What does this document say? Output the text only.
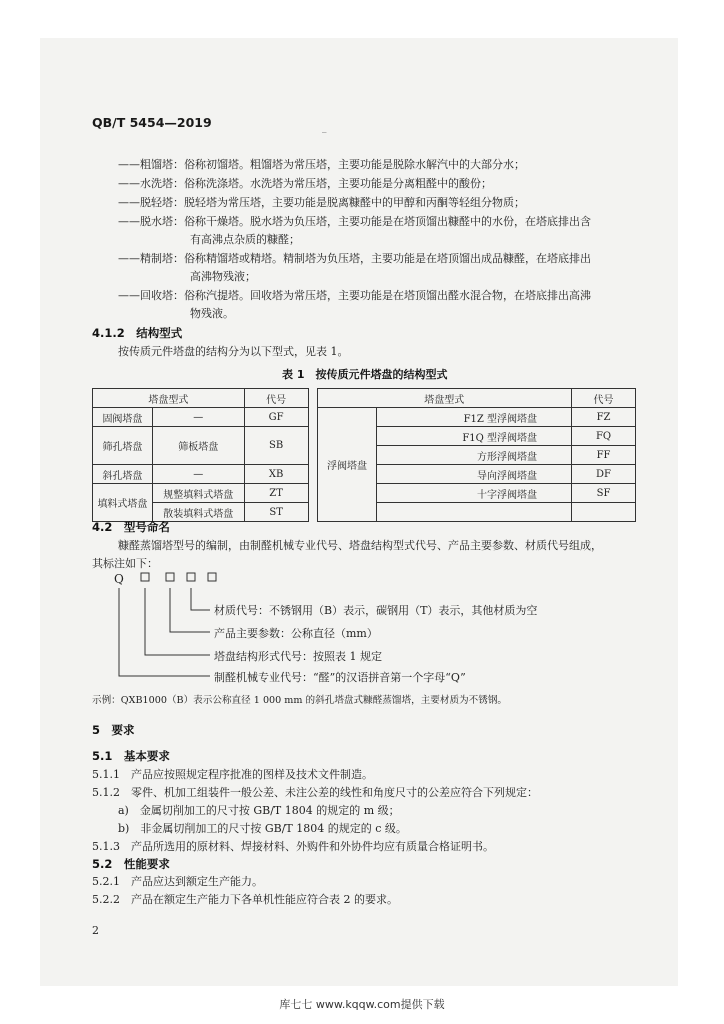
QB/T 5454—2019
‾
——粗馏塔：俗称初馏塔。粗馏塔为常压塔，主要功能是脱除水解汽中的大部分水；
——水洗塔：俗称洗涤塔。水洗塔为常压塔，主要功能是分离粗醛中的酸份；
——脱轻塔：脱轻塔为常压塔，主要功能是脱离糠醛中的甲醇和丙酮等轻组分物质；
——脱水塔：俗称干燥塔。脱水塔为负压塔，主要功能是在塔顶馏出糠醛中的水份，在塔底排出含
有高沸点杂质的糠醛；
——精制塔：俗称精馏塔或精塔。精制塔为负压塔，主要功能是在塔顶馏出成品糠醛，在塔底排出
高沸物残液；
——回收塔：俗称汽提塔。回收塔为常压塔，主要功能是在塔顶馏出醛水混合物，在塔底排出高沸
物残液。
4.1.2　结构型式
按传质元件塔盘的结构分为以下型式，见表 1。
表 1　按传质元件塔盘的结构型式
塔盘型式		代号		塔盘型式		代号
固阀塔盘	—	GF		浮阀塔盘	F1Z 型浮阀塔盘	FZ
筛孔塔盘	筛板塔盘	SB			F1Q 型浮阀塔盘	FQ
					方形浮阀塔盘	FF
斜孔塔盘	—	XB			导向浮阀塔盘	DF
填料式塔盘	规整填料式塔盘	ZT			十字浮阀塔盘	SF
	散装填料式塔盘	ST				
4.2　型号命名
糠醛蒸馏塔型号的编制，由制醛机械专业代号、塔盘结构型式代号、产品主要参数、材质代号组成，
其标注如下：
Q
材质代号：不锈钢用（B）表示，碳钢用（T）表示，其他材质为空
产品主要参数：公称直径（mm）
塔盘结构形式代号：按照表 1 规定
制醛机械专业代号：“醛”的汉语拼音第一个字母“Q”
示例：QXB1000（B）表示公称直径 1 000 mm 的斜孔塔盘式糠醛蒸馏塔，主要材质为不锈钢。
5　要求
5.1　基本要求
5.1.1　产品应按照规定程序批准的图样及技术文件制造。
5.1.2　零件、机加工组装件一般公差、未注公差的线性和角度尺寸的公差应符合下列规定：
a)　金属切削加工的尺寸按 GB/T 1804 的规定的 m 级；
b)　非金属切削加工的尺寸按 GB/T 1804 的规定的 c 级。
5.1.3　产品所选用的原材料、焊接材料、外购件和外协件均应有质量合格证明书。
5.2　性能要求
5.2.1　产品应达到额定生产能力。
5.2.2　产品在额定生产能力下各单机性能应符合表 2 的要求。
2
库七七 www.kqqw.com提供下载
